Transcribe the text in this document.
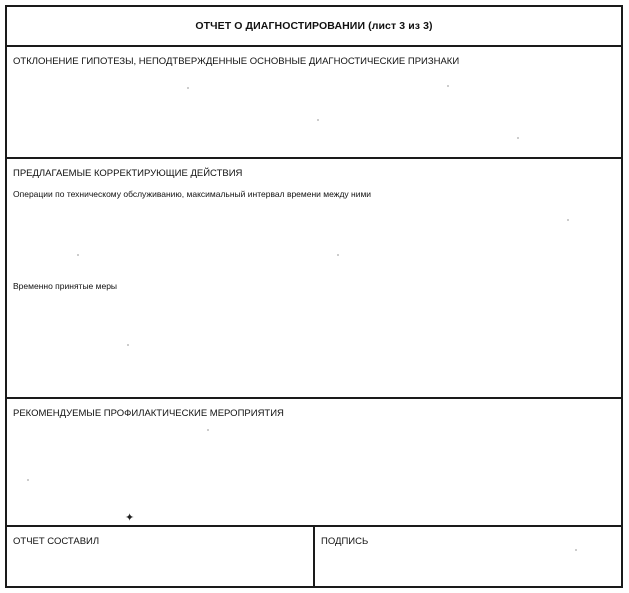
ОТЧЕТ О ДИАГНОСТИРОВАНИИ (лист 3 из 3)
ОТКЛОНЕНИЕ ГИПОТЕЗЫ, НЕПОДТВЕРЖДЕННЫЕ ОСНОВНЫЕ ДИАГНОСТИЧЕСКИЕ ПРИЗНАКИ
ПРЕДЛАГАЕМЫЕ КОРРЕКТИРУЮЩИЕ ДЕЙСТВИЯ
Операции по техническому обслуживанию, максимальный интервал времени между ними
Временно принятые меры
РЕКОМЕНДУЕМЫЕ ПРОФИЛАКТИЧЕСКИЕ МЕРОПРИЯТИЯ
✦
ОТЧЕТ СОСТАВИЛ	ПОДПИСЬ
